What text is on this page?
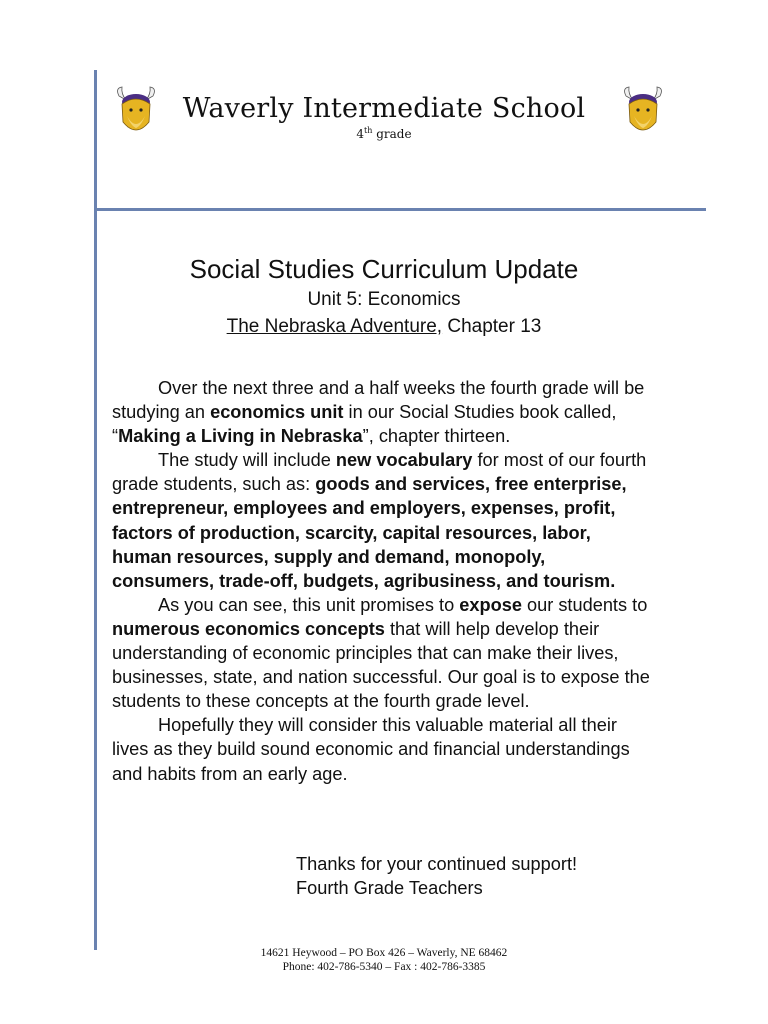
Waverly Intermediate School
4th grade
Social Studies Curriculum Update
Unit 5: Economics
The Nebraska Adventure, Chapter 13

Over the next three and a half weeks the fourth grade will be studying an economics unit in our Social Studies book called, “Making a Living in Nebraska”, chapter thirteen.

The study will include new vocabulary for most of our fourth grade students, such as: goods and services, free enterprise, entrepreneur, employees and employers, expenses, profit, factors of production, scarcity, capital resources, labor, human resources, supply and demand, monopoly, consumers, trade-off, budgets, agribusiness, and tourism.

As you can see, this unit promises to expose our students to numerous economics concepts that will help develop their understanding of economic principles that can make their lives, businesses, state, and nation successful. Our goal is to expose the students to these concepts at the fourth grade level.

Hopefully they will consider this valuable material all their lives as they build sound economic and financial understandings and habits from an early age.

Thanks for your continued support!
Fourth Grade Teachers
14621 Heywood – PO Box 426 – Waverly, NE 68462
Phone: 402-786-5340 – Fax : 402-786-3385
